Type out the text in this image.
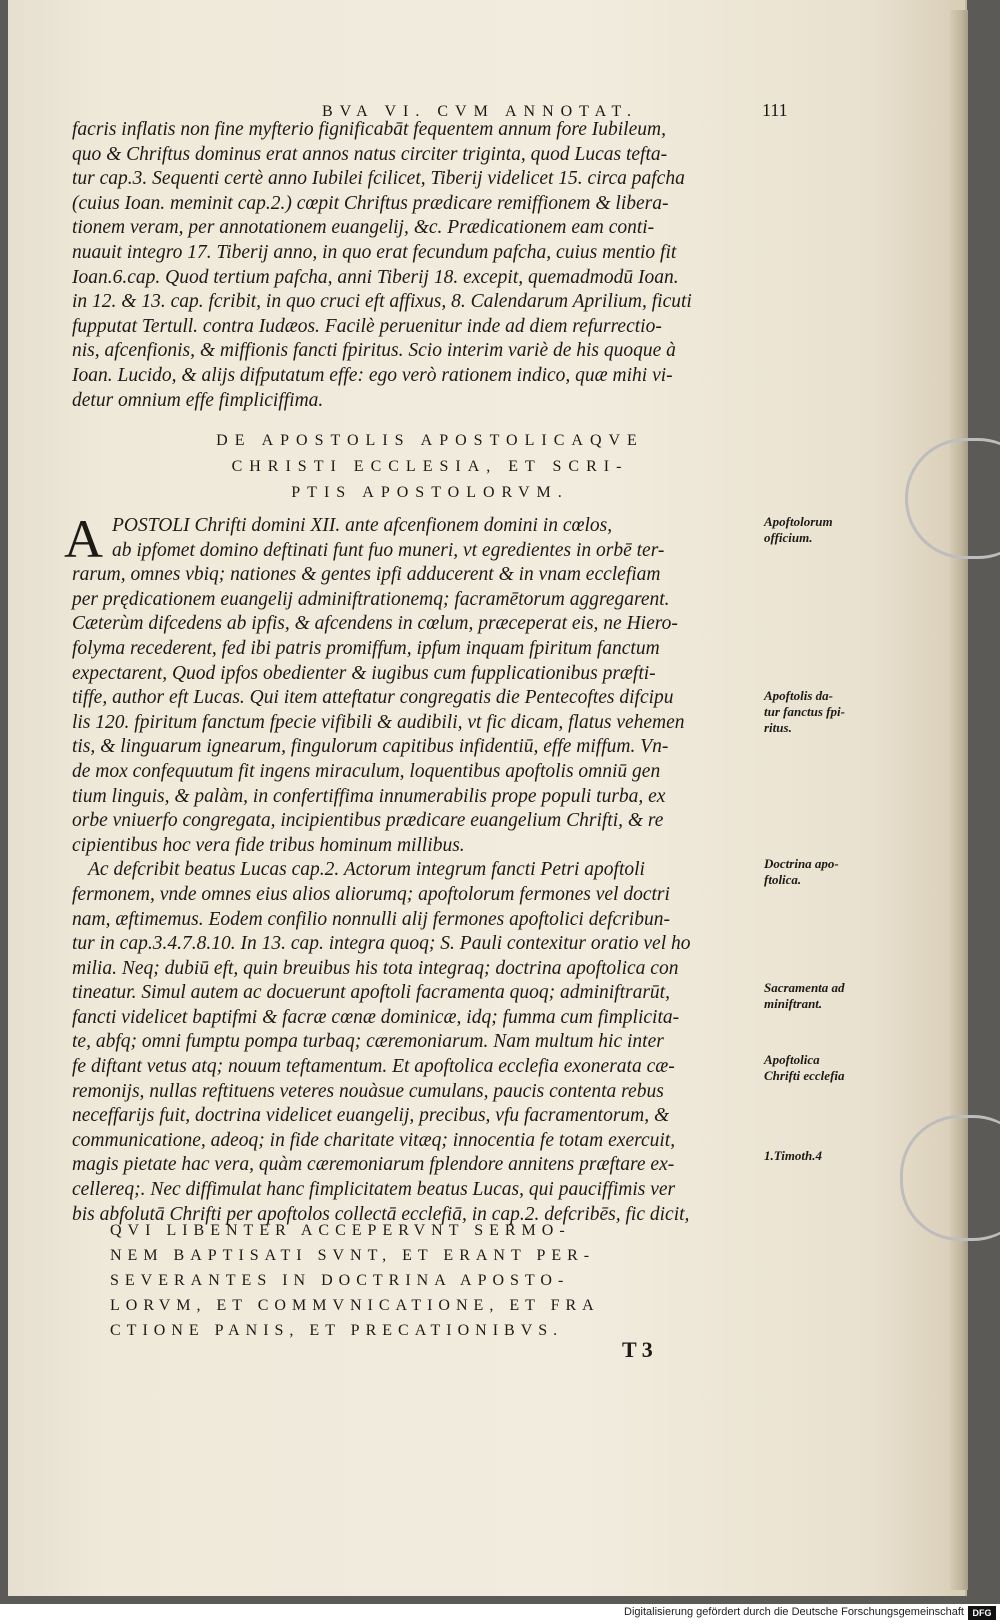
BVA VI. CVM ANNOTAT.	111
facris inflatis non fine myfterio fignificabāt fequentem annum fore Iubileum,
quo & Chriftus dominus erat annos natus circiter triginta, quod Lucas tefta-
tur cap.3. Sequenti certè anno Iubilei fcilicet, Tiberij videlicet 15. circa pafcha
(cuius Ioan. meminit cap.2.) cœpit Chriftus prædicare remiffionem & libera-
tionem veram, per annotationem euangelij, &c. Prædicationem eam conti-
nuauit integro 17. Tiberij anno, in quo erat fecundum pafcha, cuius mentio fit
Ioan.6.cap. Quod tertium pafcha, anni Tiberij 18. excepit, quemadmodū Ioan.
in 12. & 13. cap. fcribit, in quo cruci eft affixus, 8. Calendarum Aprilium, ficuti
fupputat Tertull. contra Iudæos. Facilè peruenitur inde ad diem refurrectio-
nis, afcenfionis, & miffionis fancti fpiritus. Scio interim variè de his quoque à
Ioan. Lucido, & alijs difputatum effe: ego verò rationem indico, quæ mihi vi-
detur omnium effe fimpliciffima.
DE APOSTOLIS APOSTOLICAQVE
CHRISTI ECCLESIA, ET SCRI-
PTIS APOSTOLORVM.
A POSTOLI Chrifti domini XII. ante afcenfionem domini in cœlos,
ab ipfomet domino deftinati funt fuo muneri, vt egredientes in orbē ter-
rarum, omnes vbiq; nationes & gentes ipfi adducerent & in vnam ecclefiam
per prędicationem euangelij adminiftrationemq; facramētorum aggregarent.
Cæterùm difcedens ab ipfis, & afcendens in cœlum, præceperat eis, ne Hiero-
folyma recederent, fed ibi patris promiffum, ipfum inquam fpiritum fanctum
expectarent, Quod ipfos obedienter & iugibus cum fupplicationibus præfti-
tiffe, author eft Lucas. Qui item atteftatur congregatis die Pentecoftes difcipu
lis 120. fpiritum fanctum fpecie vifibili & audibili, vt fic dicam, flatus vehemen
tis, & linguarum ignearum, fingulorum capitibus infidentiū, effe miffum. Vn-
de mox confequutum fit ingens miraculum, loquentibus apoftolis omniū gen
tium linguis, & palàm, in confertiffima innumerabilis prope populi turba, ex
orbe vniuerfo congregata, incipientibus prædicare euangelium Chrifti, & re
cipientibus hoc vera fide tribus hominum millibus.
Ac defcribit beatus Lucas cap.2. Actorum integrum fancti Petri apoftoli
fermonem, vnde omnes eius alios aliorumq; apoftolorum fermones vel doctri
nam, æftimemus. Eodem confilio nonnulli alij fermones apoftolici defcribun-
tur in cap.3.4.7.8.10. In 13. cap. integra quoq; S. Pauli contexitur oratio vel ho
milia. Neq; dubiū eft, quin breuibus his tota integraq; doctrina apoftolica con
tineatur. Simul autem ac docuerunt apoftoli facramenta quoq; adminiftrarūt,
fancti videlicet baptifmi & facræ cœnæ dominicæ, idq; fumma cum fimplicita-
te, abfq; omni fumptu pompa turbaq; cæremoniarum. Nam multum hic inter
fe diftant vetus atq; nouum teftamentum. Et apoftolica ecclefia exonerata cæ-
remonijs, nullas reftituens veteres nouàsue cumulans, paucis contenta rebus
neceffarijs fuit, doctrina videlicet euangelij, precibus, vfu facramentorum, &
communicatione, adeoq; in fide charitate vitæq; innocentia fe totam exercuit,
magis pietate hac vera, quàm cæremoniarum fplendore annitens præftare ex-
cellereq;. Nec diffimulat hanc fimplicitatem beatus Lucas, qui pauciffimis ver
bis abfolutā Chrifti per apoftolos collectā ecclefiā, in cap.2. defcribēs, fic dicit,
QVI LIBENTER ACCEPERVNT SERMO-
NEM BAPTISATI SVNT, ET ERANT PER-
SEVERANTES IN DOCTRINA APOSTO-
LORVM, ET COMMVNICATIONE, ET FRA
CTIONE PANIS, ET PRECATIONIBVS.
T 3
Apoftolorum
officium.
Apoftolis da-
tur fanctus fpi-
ritus.
Doctrina apo-
ftolica.
Sacramenta ad
miniftrant.
Apoftolica
Chrifti ecclefia
1.Timoth.4
Digitalisierung gefördert durch die Deutsche Forschungsgemeinschaft DFG
